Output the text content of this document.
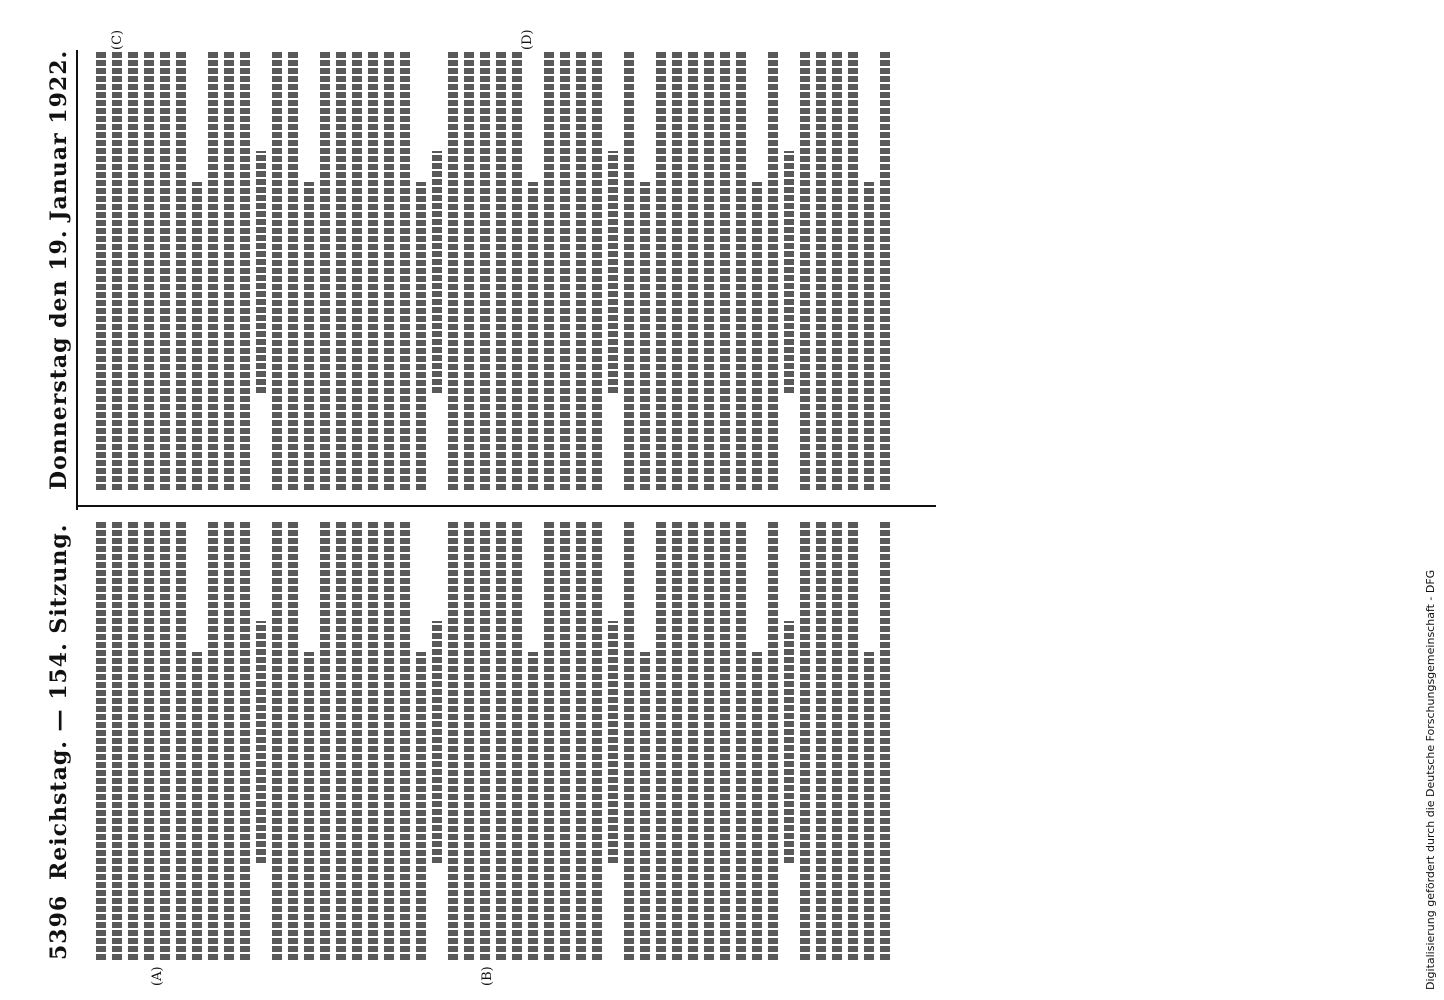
5396
Reichstag. — 154. Sitzung.
Donnerstag den 19. Januar 1922.
(A)	(B)
(C)	(D)
Digitalisierung gefördert durch die Deutsche Forschungsgemeinschaft - DFG
